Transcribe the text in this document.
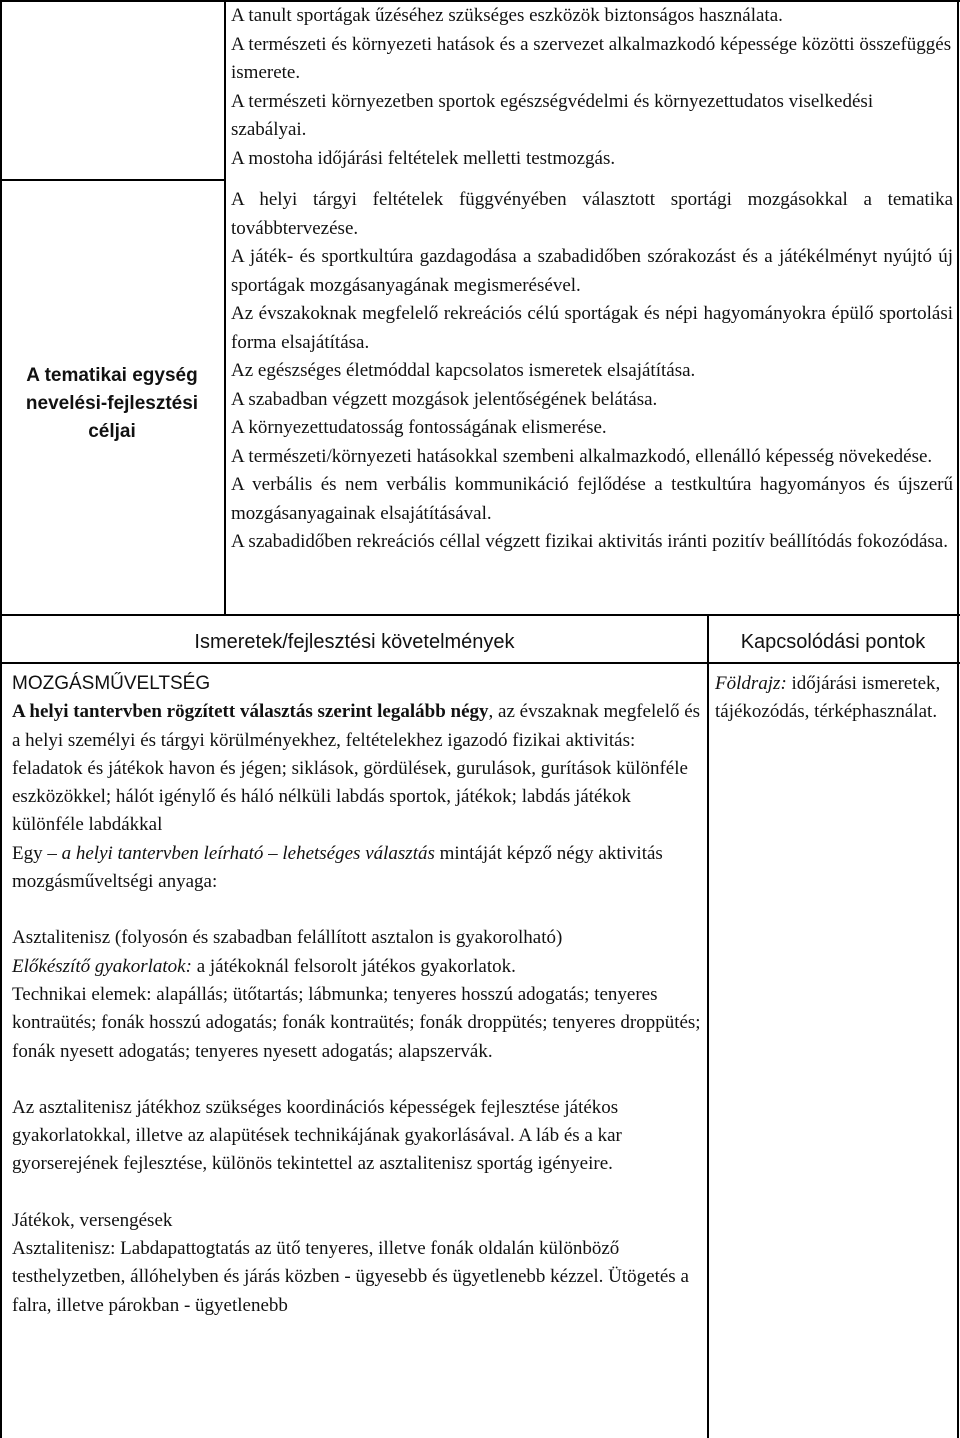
A tanult sportágak űzéséhez szükséges eszközök biztonságos használata.

A természeti és környezeti hatások és a szervezet alkalmazkodó képessége közötti összefüggés ismerete.

A természeti környezetben sportok egészségvédelmi és környezettudatos viselkedési szabályai.

A mostoha időjárási feltételek melletti testmozgás.

A tematikai egység nevelési-fejlesztési céljai

A helyi tárgyi feltételek függvényében választott sportági mozgásokkal a tematika továbbtervezése.

A játék- és sportkultúra gazdagodása a szabadidőben szórakozást és a játékélményt nyújtó új sportágak mozgásanyagának megismerésével.

Az évszakoknak megfelelő rekreációs célú sportágak és népi hagyományokra épülő sportolási forma elsajátítása.

Az egészséges életmóddal kapcsolatos ismeretek elsajátítása.

A szabadban végzett mozgások jelentőségének belátása.

A környezettudatosság fontosságának elismerése.

A természeti/környezeti hatásokkal szembeni alkalmazkodó, ellenálló képesség növekedése.

A verbális és nem verbális kommunikáció fejlődése a testkultúra hagyományos és újszerű mozgásanyagainak elsajátításával.

A szabadidőben rekreációs céllal végzett fizikai aktivitás iránti pozitív beállítódás fokozódása.

Ismeretek/fejlesztési követelmények	Kapcsolódási pontok

MOZGÁSMŰVELTSÉG

A helyi tantervben rögzített választás szerint legalább négy, az évszaknak megfelelő és a helyi személyi és tárgyi körülményekhez, feltételekhez igazodó fizikai aktivitás: feladatok és játékok havon és jégen; siklások, gördülések, gurulások, gurítások különféle eszközökkel; hálót igénylő és háló nélküli labdás sportok, játékok; labdás játékok különféle labdákkal

Egy – a helyi tantervben leírható – lehetséges választás mintáját képző négy aktivitás mozgásműveltségi anyaga:

Asztalitenisz (folyosón és szabadban felállított asztalon is gyakorolható)

Előkészítő gyakorlatok: a játékoknál felsorolt játékos gyakorlatok.

Technikai elemek: alapállás; ütőtartás; lábmunka; tenyeres hosszú adogatás; tenyeres kontraütés; fonák hosszú adogatás; fonák kontraütés; fonák droppütés; tenyeres droppütés; fonák nyesett adogatás; tenyeres nyesett adogatás; alapszervák.

Az asztalitenisz játékhoz szükséges koordinációs képességek fejlesztése játékos gyakorlatokkal, illetve az alapütések technikájának gyakorlásával. A láb és a kar gyorserejének fejlesztése, különös tekintettel az asztalitenisz sportág igényeire.

Játékok, versengések

Asztalitenisz: Labdapattogtatás az ütő tenyeres, illetve fonák oldalán különböző testhelyzetben, állóhelyben és járás közben - ügyesebb és ügyetlenebb kézzel. Ütögetés a falra, illetve párokban - ügyetlenebb

Földrajz: időjárási ismeretek, tájékozódás, térképhasználat.
